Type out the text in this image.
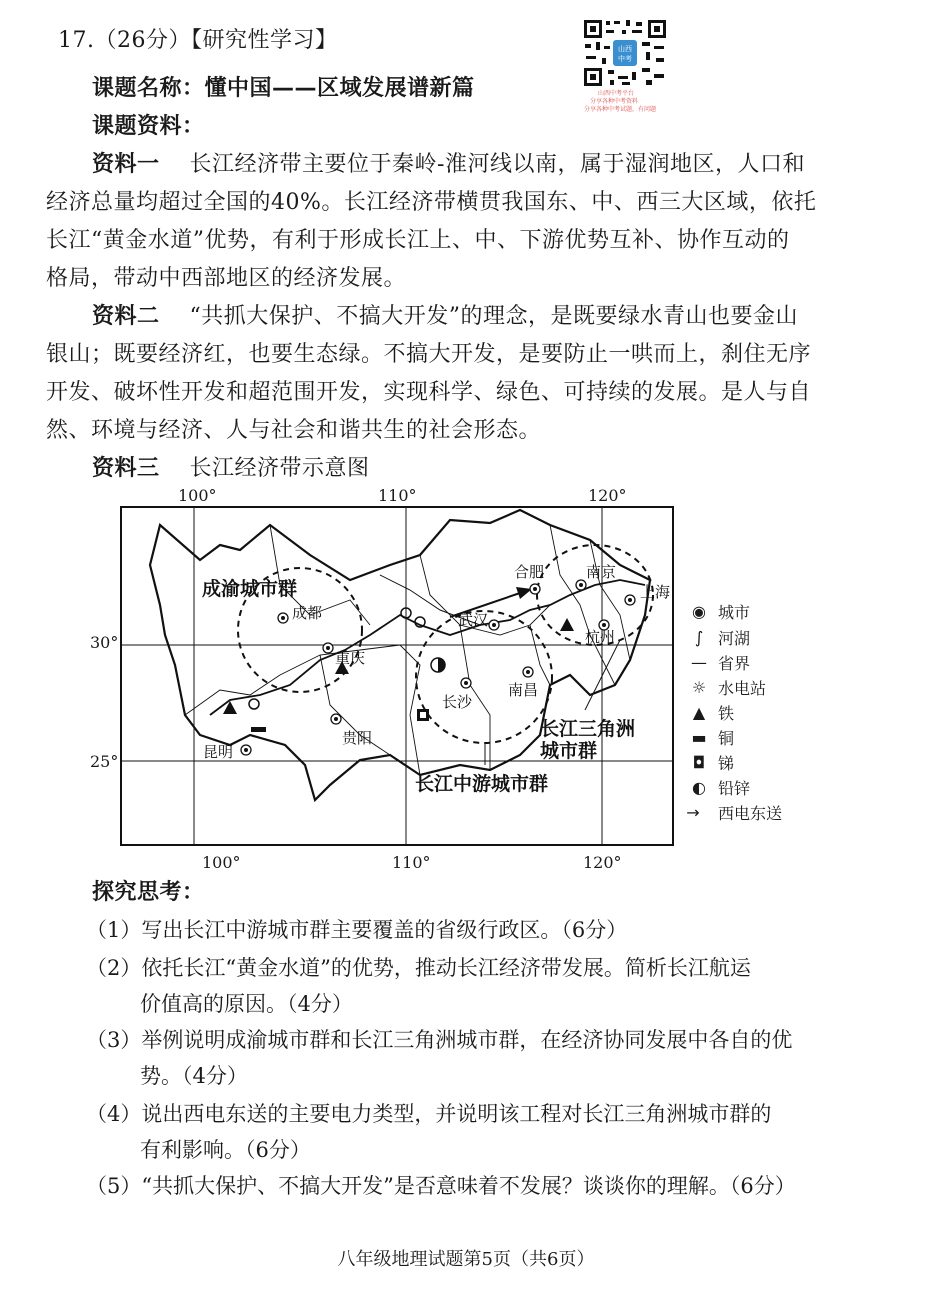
17.（26分）【研究性学习】
课题名称：懂中国——区域发展谱新篇
课题资料：
山西
中考
山西中考平台
分享各种中考资料
分享各种中考试题，有问题
资料一 长江经济带主要位于秦岭-淮河线以南，属于湿润地区，人口和
经济总量均超过全国的40%。长江经济带横贯我国东、中、西三大区域，依托
长江“黄金水道”优势，有利于形成长江上、中、下游优势互补、协作互动的
格局，带动中西部地区的经济发展。
资料二 “共抓大保护、不搞大开发”的理念，是既要绿水青山也要金山
银山；既要经济红，也要生态绿。不搞大开发，是要防止一哄而上，刹住无序
开发、破坏性开发和超范围开发，实现科学、绿色、可持续的发展。是人与自
然、环境与经济、人与社会和谐共生的社会形态。
资料三 长江经济带示意图
100°	110°	120°
30°
25°
100°	110°	120°
成渝城市群
长江中游城市群
长江三角洲
城市群
成都
重庆
昆明
贵阳
武汉
长沙
南昌
合肥	南京
上海
杭州
◉ 城市
∫ 河湖
— 省界
☼ 水电站
▲ 铁
▬ 铜
◘ 锑
◐ 铅锌
→	西电东送
探究思考：
（1）写出长江中游城市群主要覆盖的省级行政区。（6分）
（2）依托长江“黄金水道”的优势，推动长江经济带发展。简析长江航运
价值高的原因。（4分）
（3）举例说明成渝城市群和长江三角洲城市群，在经济协同发展中各自的优
势。（4分）
（4）说出西电东送的主要电力类型，并说明该工程对长江三角洲城市群的
有利影响。（6分）
（5）“共抓大保护、不搞大开发”是否意味着不发展？谈谈你的理解。（6分）
八年级地理试题第5页（共6页）
